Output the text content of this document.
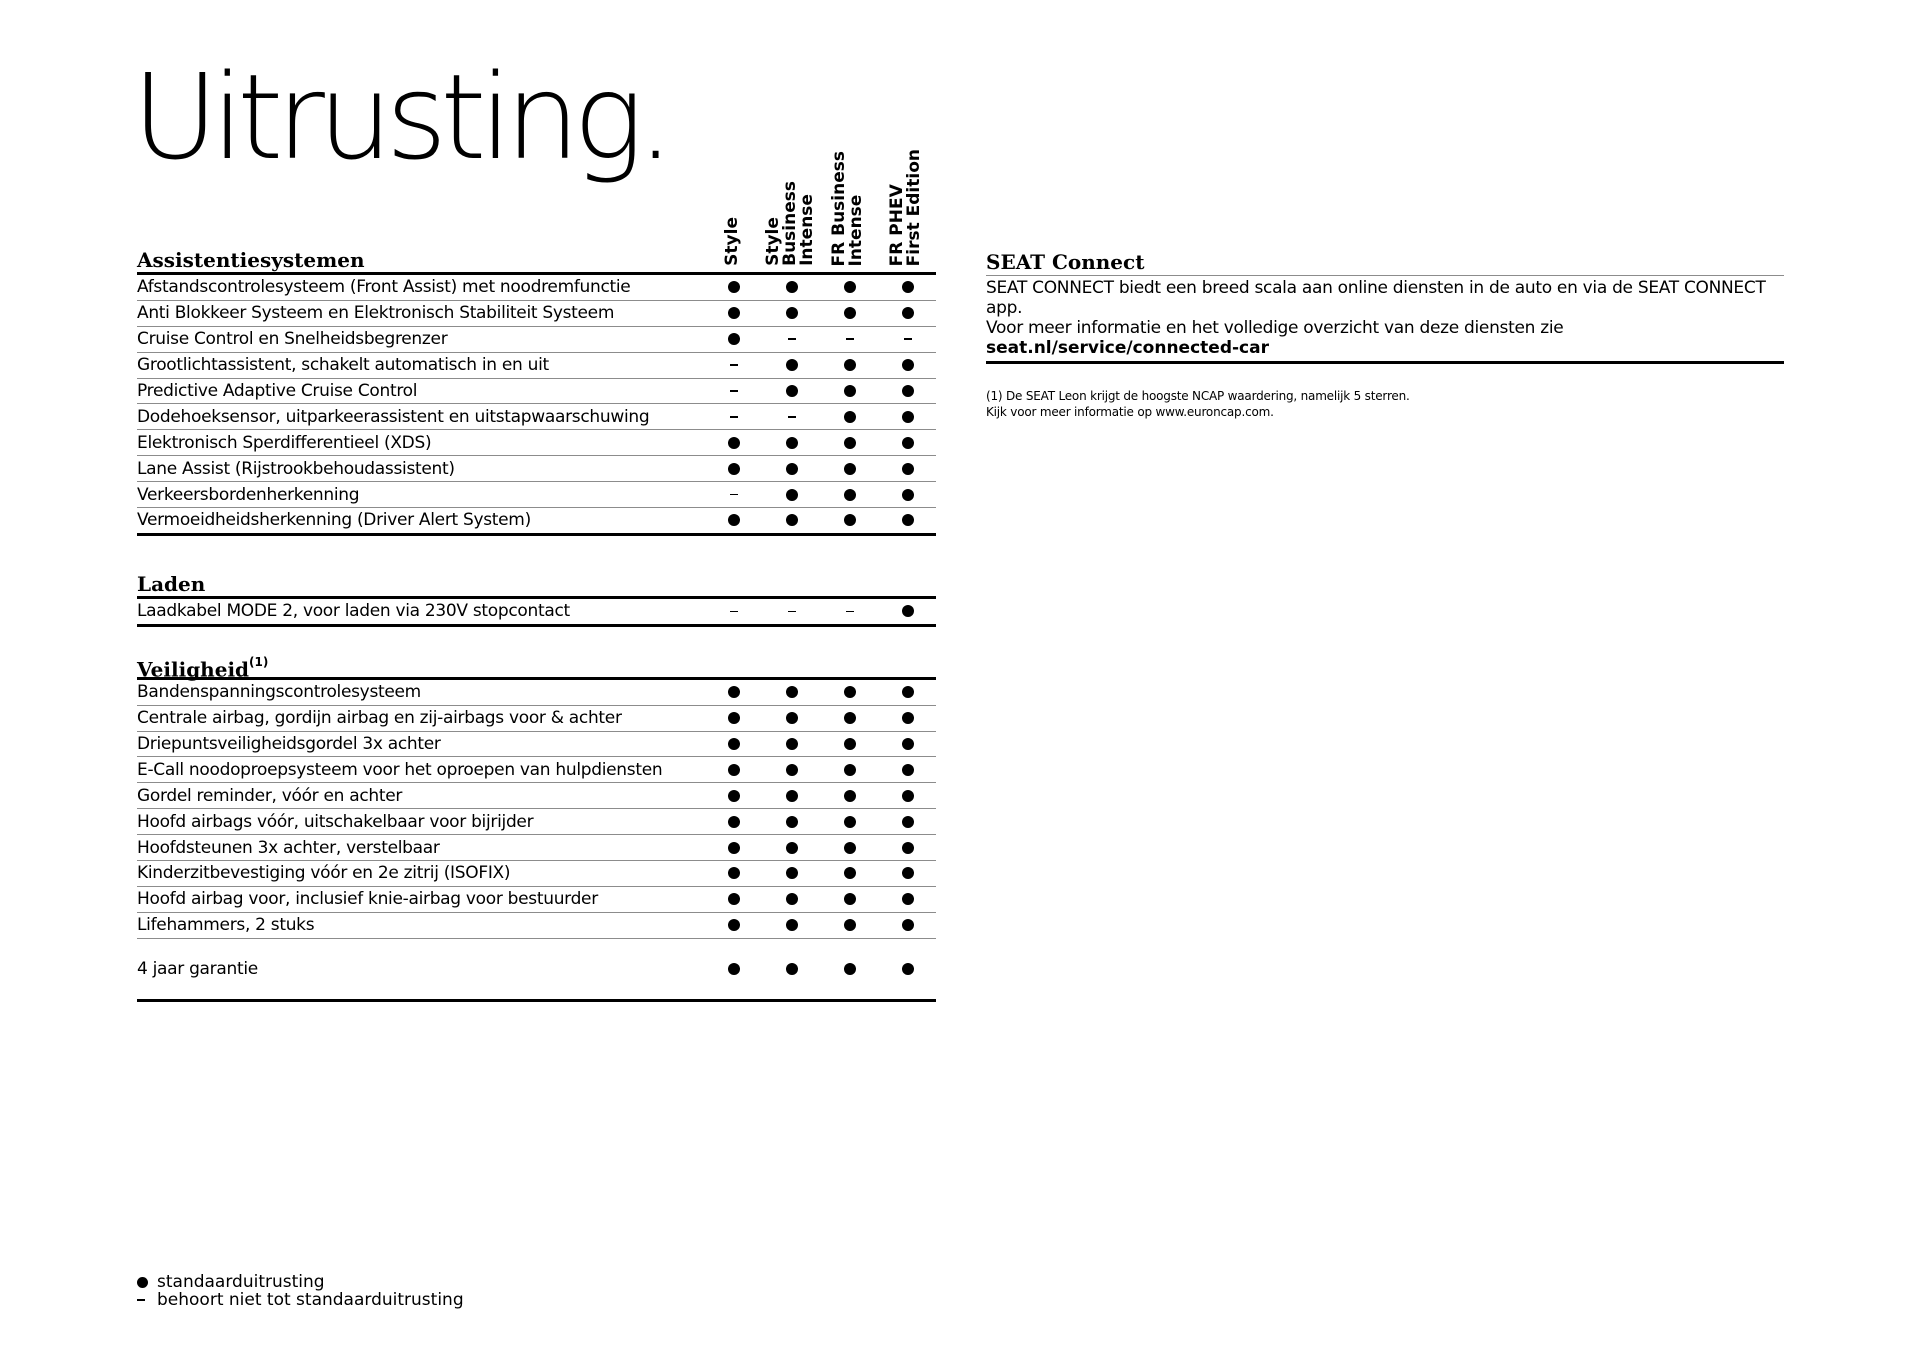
Uitrusting.
Style Style
Business
Intense FR Business
Intense FR PHEV
First Edition
Assistentiesystemen
Afstandscontrolesysteem (Front Assist) met noodremfunctie
Anti Blokkeer Systeem en Elektronisch Stabiliteit Systeem
Cruise Control en Snelheidsbegrenzer
Grootlichtassistent, schakelt automatisch in en uit
Predictive Adaptive Cruise Control
Dodehoeksensor, uitparkeerassistent en uitstapwaarschuwing
Elektronisch Sperdifferentieel (XDS)
Lane Assist (Rijstrookbehoudassistent)
Verkeersbordenherkenning
Vermoeidheidsherkenning (Driver Alert System)
Laden
Laadkabel MODE 2, voor laden via 230V stopcontact
Veiligheid$^{(1)}$
Bandenspanningscontrolesysteem
Centrale airbag, gordijn airbag en zij-airbags voor & achter
Driepuntsveiligheidsgordel 3x achter
E-Call noodoproepsysteem voor het oproepen van hulpdiensten
Gordel reminder, vóór en achter
Hoofd airbags vóór, uitschakelbaar voor bijrijder
Hoofdsteunen 3x achter, verstelbaar
Kinderzitbevestiging vóór en 2e zitrij (ISOFIX)
Hoofd airbag voor, inclusief knie-airbag voor bestuurder
Lifehammers, 2 stuks
4 jaar garantie
SEAT Connect
SEAT CONNECT biedt een breed scala aan online diensten in de auto en via de SEAT CONNECT app.
Voor meer informatie en het volledige overzicht van deze diensten zie
seat.nl/service/connected-car
(1) De SEAT Leon krijgt de hoogste NCAP waardering, namelijk 5 sterren.
Kijk voor meer informatie op www.euroncap.com.
standaarduitrusting
behoort niet tot standaarduitrusting
